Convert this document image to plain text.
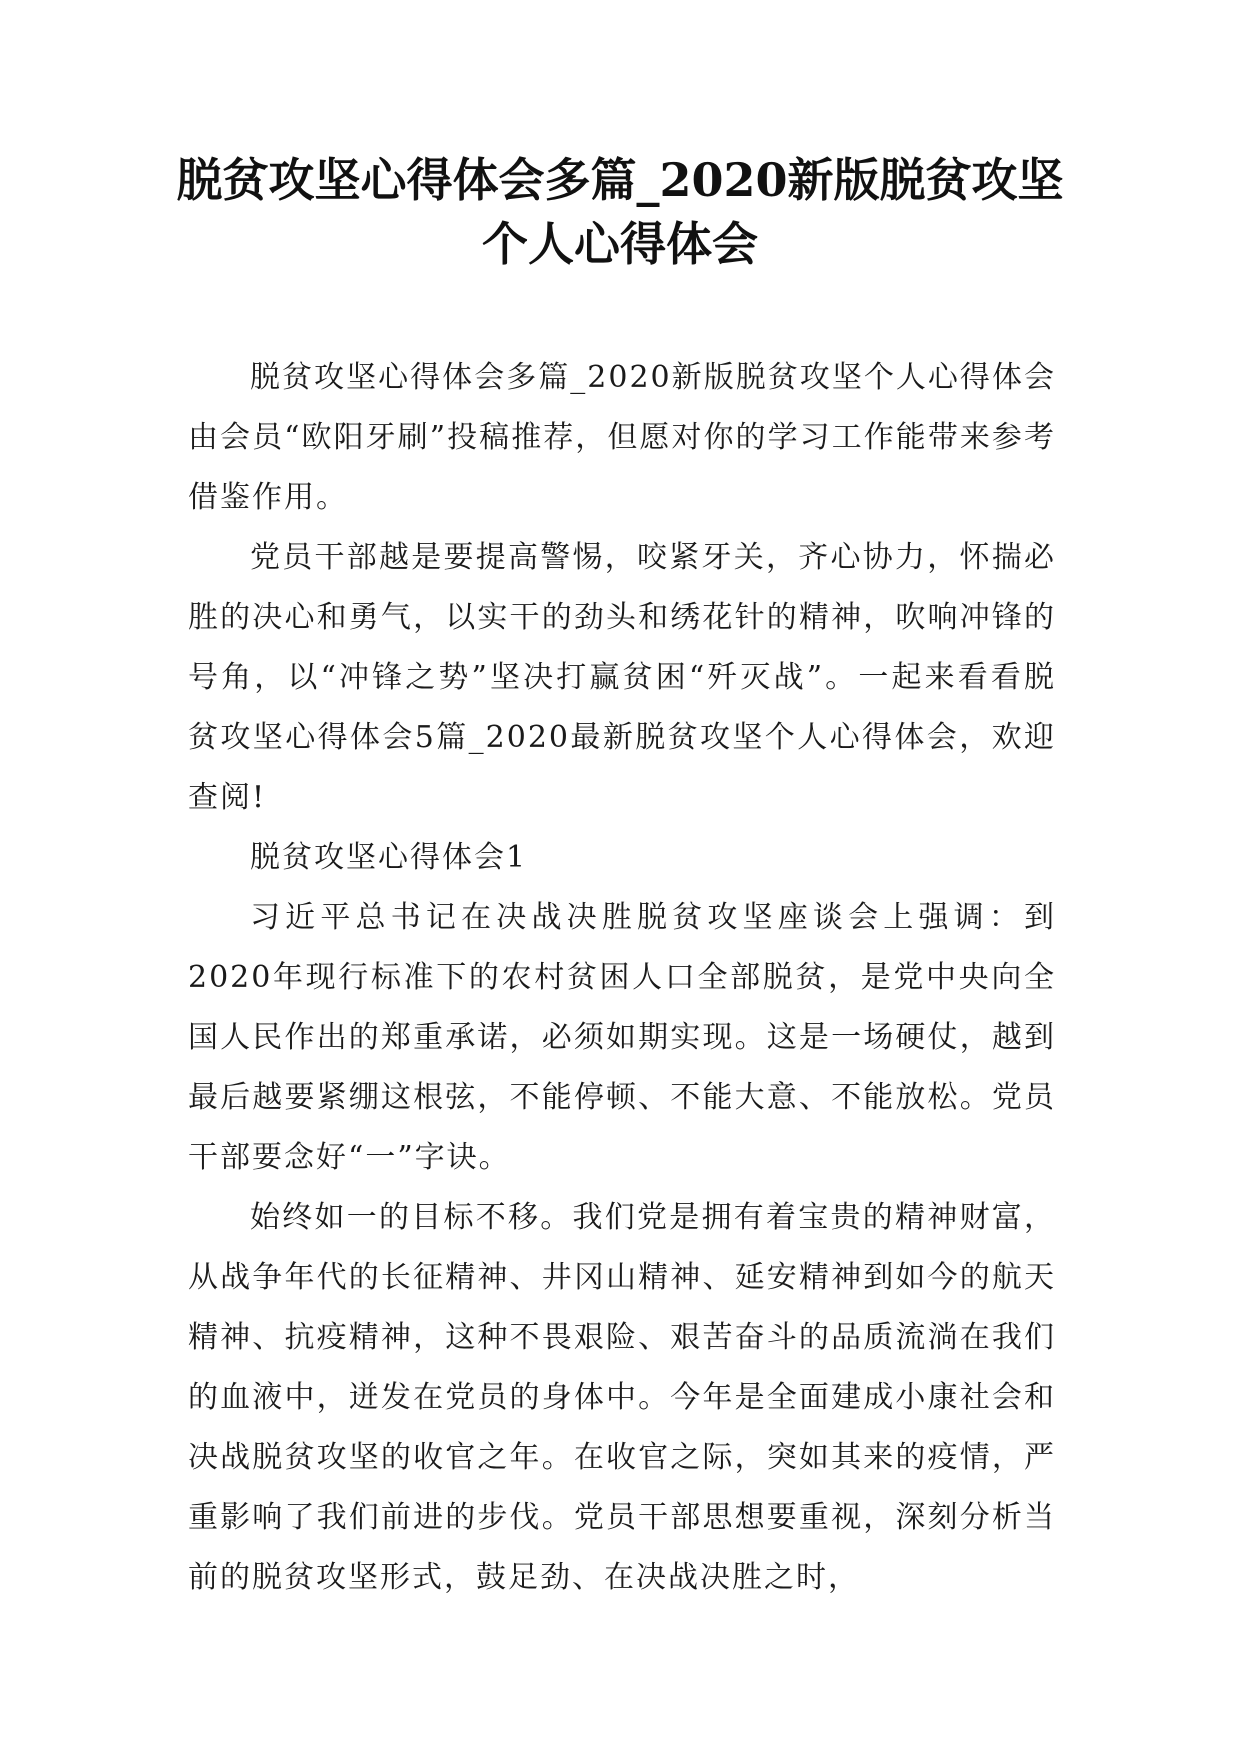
脱贫攻坚心得体会多篇_2020新版脱贫攻坚
个人心得体会

脱贫攻坚心得体会多篇_2020新版脱贫攻坚个人心得体会由会员“欧阳牙刷”投稿推荐，但愿对你的学习工作能带来参考借鉴作用。

党员干部越是要提高警惕，咬紧牙关，齐心协力，怀揣必胜的决心和勇气，以实干的劲头和绣花针的精神，吹响冲锋的号角，以“冲锋之势”坚决打赢贫困“歼灭战”。一起来看看脱贫攻坚心得体会5篇_2020最新脱贫攻坚个人心得体会，欢迎查阅!

脱贫攻坚心得体会1

习近平总书记在决战决胜脱贫攻坚座谈会上强调：到2020年现行标准下的农村贫困人口全部脱贫，是党中央向全国人民作出的郑重承诺，必须如期实现。这是一场硬仗，越到最后越要紧绷这根弦，不能停顿、不能大意、不能放松。党员干部要念好“一”字诀。

始终如一的目标不移。我们党是拥有着宝贵的精神财富，从战争年代的长征精神、井冈山精神、延安精神到如今的航天精神、抗疫精神，这种不畏艰险、艰苦奋斗的品质流淌在我们的血液中，迸发在党员的身体中。今年是全面建成小康社会和决战脱贫攻坚的收官之年。在收官之际，突如其来的疫情，严重影响了我们前进的步伐。党员干部思想要重视，深刻分析当前的脱贫攻坚形式，鼓足劲、在决战决胜之时，
